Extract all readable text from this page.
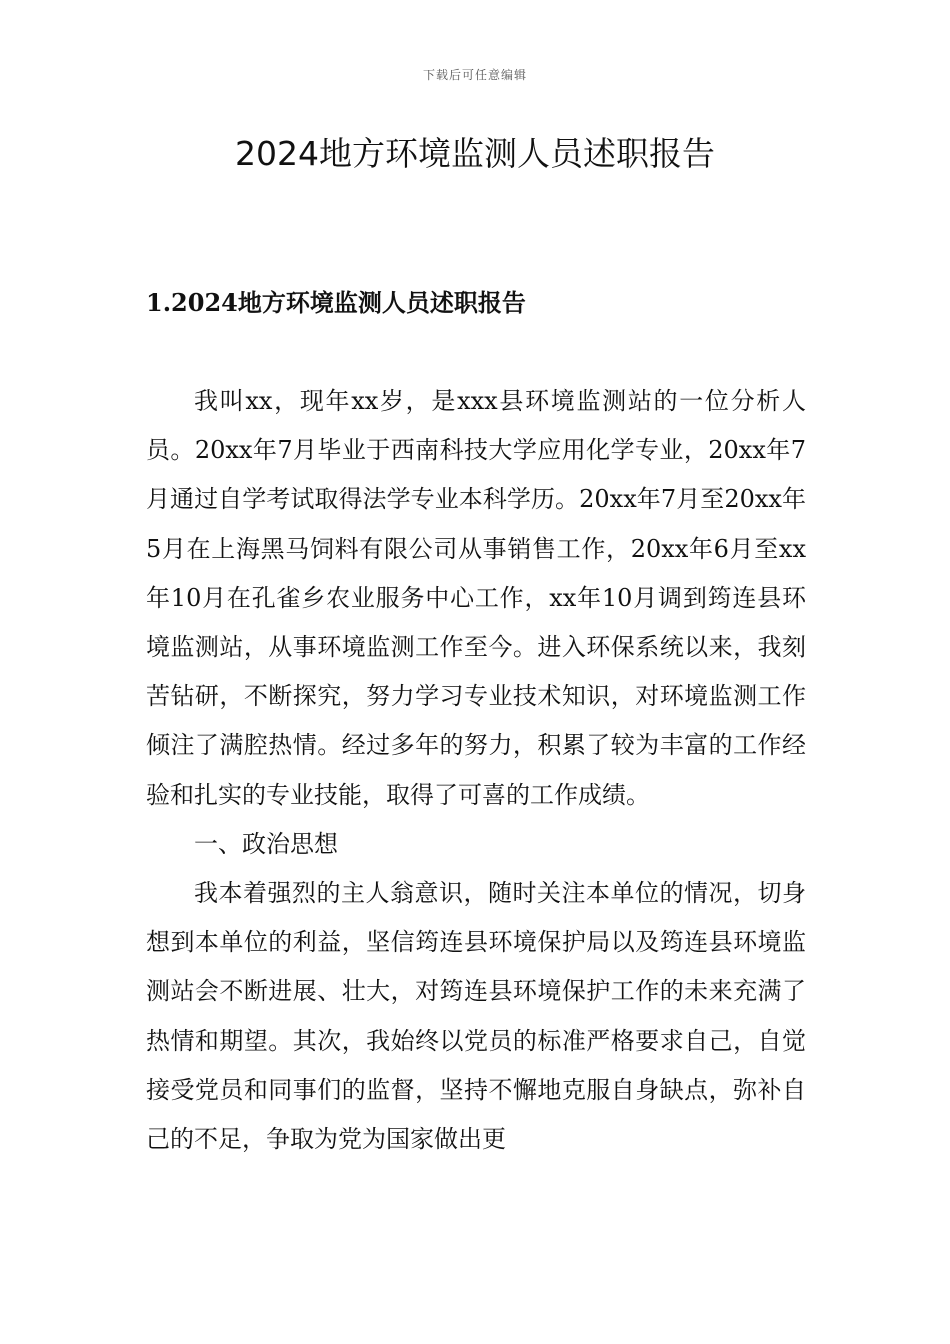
下载后可任意编辑
2024地方环境监测人员述职报告
1.2024地方环境监测人员述职报告

我叫xx，现年xx岁，是xxx县环境监测站的一位分析人员。20xx年7月毕业于西南科技大学应用化学专业，20xx年7月通过自学考试取得法学专业本科学历。20xx年7月至20xx年5月在上海黑马饲料有限公司从事销售工作，20xx年6月至xx年10月在孔雀乡农业服务中心工作，xx年10月调到筠连县环境监测站，从事环境监测工作至今。进入环保系统以来，我刻苦钻研，不断探究，努力学习专业技术知识，对环境监测工作倾注了满腔热情。经过多年的努力，积累了较为丰富的工作经验和扎实的专业技能，取得了可喜的工作成绩。

一、政治思想

我本着强烈的主人翁意识，随时关注本单位的情况，切身想到本单位的利益，坚信筠连县环境保护局以及筠连县环境监测站会不断进展、壮大，对筠连县环境保护工作的未来充满了热情和期望。其次，我始终以党员的标准严格要求自己，自觉接受党员和同事们的监督，坚持不懈地克服自身缺点，弥补自己的不足，争取为党为国家做出更
